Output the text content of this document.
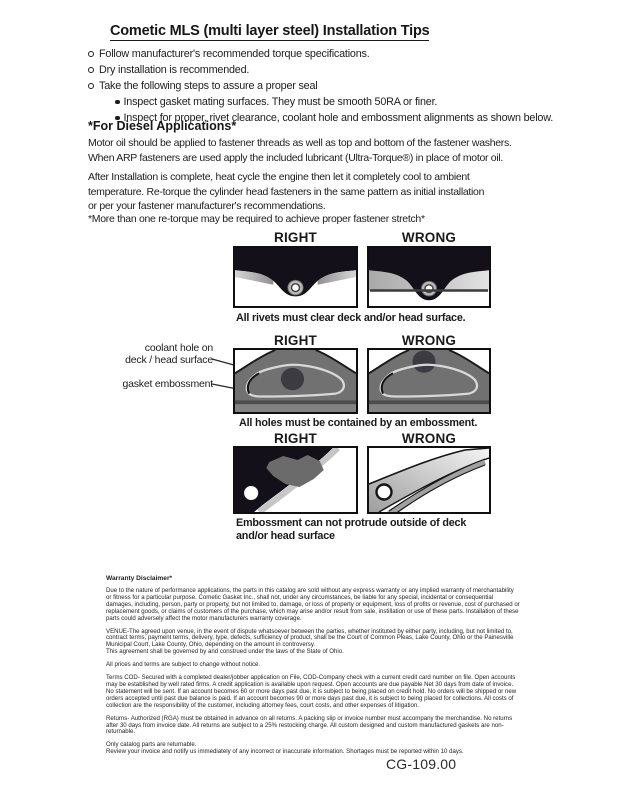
Cometic MLS (multi layer steel) Installation Tips
Follow manufacturer's recommended torque specifications.
Dry installation is recommended.
Take the following steps to assure a proper seal
Inspect gasket mating surfaces. They must be smooth 50RA or finer.
Inspect for proper, rivet clearance, coolant hole and embossment alignments as shown below.
*For Diesel Applications*
Motor oil should be applied to fastener threads as well as top and bottom of the fastener washers.
When ARP fasteners are used apply the included lubricant (Ultra-Torque®) in place of motor oil.
After Installation is complete, heat cycle the engine then let it completely cool to ambient
temperature. Re-torque the cylinder head fasteners in the same pattern as initial installation
or per your fastener manufacturer's recommendations.
*More than one re-torque may be required to achieve proper fastener stretch*
RIGHT	WRONG
All rivets must clear deck and/or head surface.
RIGHT	WRONG
coolant hole on
deck / head surface
gasket embossment
All holes must be contained by an embossment.
RIGHT	WRONG
Embossment can not protrude outside of deck
and/or head surface
Warranty Disclaimer*

Due to the nature of performance applications, the parts in this catalog are sold without any express warranty or any implied warranty of merchantability or fitness for a particular purpose. Cometic Gasket Inc., shall not, under any circumstances, be liable for any special, incidental or consequential damages, including, person, party or property, but not limited to, damage, or loss of property or equipment, loss of profits or revenue, cost of purchased or replacement goods, or claims of customers of the purchase, which may arise and/or result from sale, instillation or use of these parts. Installation of these parts could adversely affect the motor manufacturers warranty coverage.

VENUE-The agreed upon venue, in the event of dispute whatsoever between the parties, whether instituted by either party, including, but not limited to, contract terms, payment terms, delivery, type, defects, sufficiency of product, shall be the Court of Common Pleas, Lake County, Ohio or the Painesville Municipal Court, Lake County, Ohio, depending on the amount in controversy.

This agreement shall be governed by and construed under the laws of the State of Ohio.

All prices and terms are subject to change without notice.

Terms COD- Secured with a completed dealer/jobber application on File, COD-Company check with a current credit card number on file. Open accounts may be established by well rated firms. A credit application is available upon request. Open accounts are due payable Net 30 days from date of invoice. No statement will be sent. If an account becomes 60 or more days past due, it is subject to being placed on credit hold. No orders will be shipped or new orders accepted until past due balance is paid. If an account becomes 90 or more days past due, it is subject to being placed for collections. All costs of collection are the responsibility of the customer, including attorney fees, court costs, and other expenses of litigation.

Returns- Authorized (RGA) must be obtained in advance on all returns. A packing slip or invoice number must accompany the merchandise. No returns after 30 days from invoice date. All returns are subject to a 25% restocking charge. All custom designed and custom manufactured gaskets are non-returnable.

Only catalog parts are returnable.

Review your invoice and notify us immediately of any incorrect or inaccurate information. Shortages must be reported within 10 days.

CG-109.00
